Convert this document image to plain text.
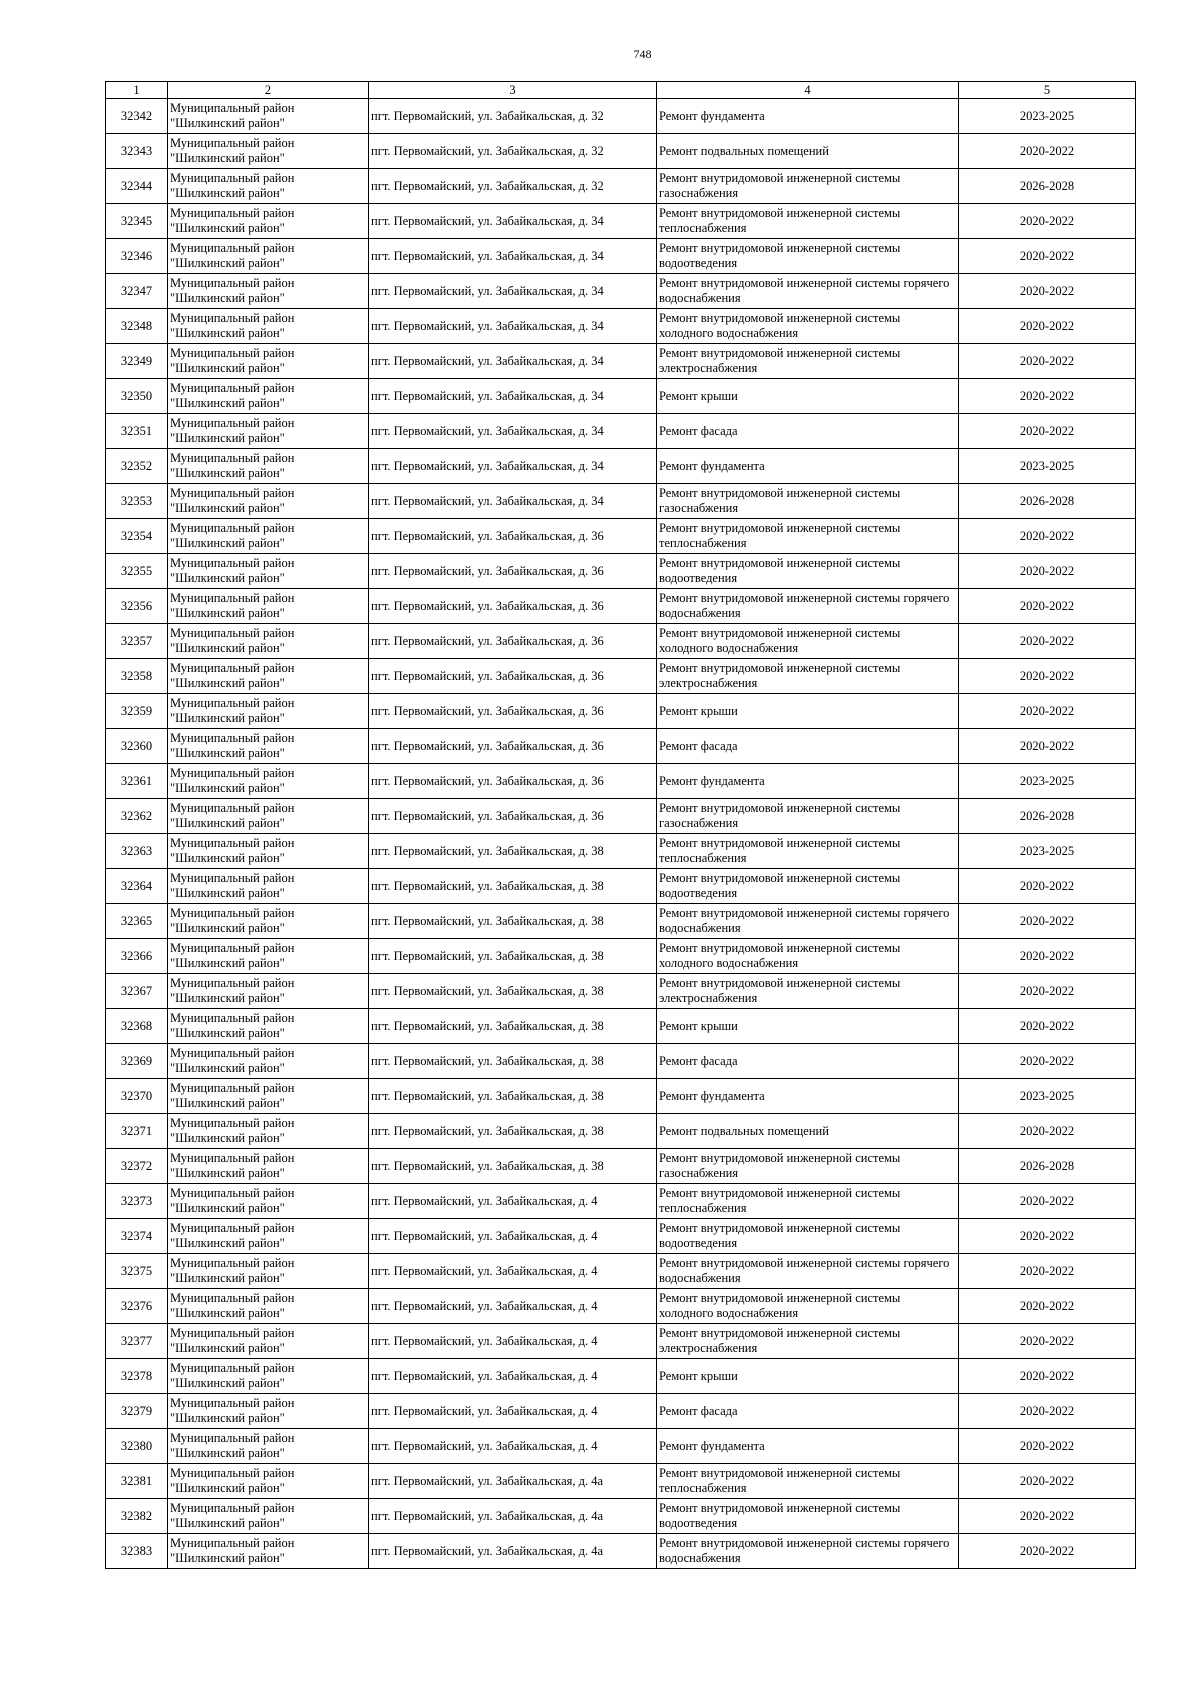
748
1	2	3	4	5
32342	Муниципальный район "Шилкинский район"	пгт. Первомайский, ул. Забайкальская, д. 32	Ремонт фундамента	2023-2025
32343	Муниципальный район "Шилкинский район"	пгт. Первомайский, ул. Забайкальская, д. 32	Ремонт подвальных помещений	2020-2022
32344	Муниципальный район "Шилкинский район"	пгт. Первомайский, ул. Забайкальская, д. 32	Ремонт внутридомовой инженерной системы газоснабжения	2026-2028
32345	Муниципальный район "Шилкинский район"	пгт. Первомайский, ул. Забайкальская, д. 34	Ремонт внутридомовой инженерной системы теплоснабжения	2020-2022
32346	Муниципальный район "Шилкинский район"	пгт. Первомайский, ул. Забайкальская, д. 34	Ремонт внутридомовой инженерной системы водоотведения	2020-2022
32347	Муниципальный район "Шилкинский район"	пгт. Первомайский, ул. Забайкальская, д. 34	Ремонт внутридомовой инженерной системы горячего водоснабжения	2020-2022
32348	Муниципальный район "Шилкинский район"	пгт. Первомайский, ул. Забайкальская, д. 34	Ремонт внутридомовой инженерной системы холодного водоснабжения	2020-2022
32349	Муниципальный район "Шилкинский район"	пгт. Первомайский, ул. Забайкальская, д. 34	Ремонт внутридомовой инженерной системы электроснабжения	2020-2022
32350	Муниципальный район "Шилкинский район"	пгт. Первомайский, ул. Забайкальская, д. 34	Ремонт крыши	2020-2022
32351	Муниципальный район "Шилкинский район"	пгт. Первомайский, ул. Забайкальская, д. 34	Ремонт фасада	2020-2022
32352	Муниципальный район "Шилкинский район"	пгт. Первомайский, ул. Забайкальская, д. 34	Ремонт фундамента	2023-2025
32353	Муниципальный район "Шилкинский район"	пгт. Первомайский, ул. Забайкальская, д. 34	Ремонт внутридомовой инженерной системы газоснабжения	2026-2028
32354	Муниципальный район "Шилкинский район"	пгт. Первомайский, ул. Забайкальская, д. 36	Ремонт внутридомовой инженерной системы теплоснабжения	2020-2022
32355	Муниципальный район "Шилкинский район"	пгт. Первомайский, ул. Забайкальская, д. 36	Ремонт внутридомовой инженерной системы водоотведения	2020-2022
32356	Муниципальный район "Шилкинский район"	пгт. Первомайский, ул. Забайкальская, д. 36	Ремонт внутридомовой инженерной системы горячего водоснабжения	2020-2022
32357	Муниципальный район "Шилкинский район"	пгт. Первомайский, ул. Забайкальская, д. 36	Ремонт внутридомовой инженерной системы холодного водоснабжения	2020-2022
32358	Муниципальный район "Шилкинский район"	пгт. Первомайский, ул. Забайкальская, д. 36	Ремонт внутридомовой инженерной системы электроснабжения	2020-2022
32359	Муниципальный район "Шилкинский район"	пгт. Первомайский, ул. Забайкальская, д. 36	Ремонт крыши	2020-2022
32360	Муниципальный район "Шилкинский район"	пгт. Первомайский, ул. Забайкальская, д. 36	Ремонт фасада	2020-2022
32361	Муниципальный район "Шилкинский район"	пгт. Первомайский, ул. Забайкальская, д. 36	Ремонт фундамента	2023-2025
32362	Муниципальный район "Шилкинский район"	пгт. Первомайский, ул. Забайкальская, д. 36	Ремонт внутридомовой инженерной системы газоснабжения	2026-2028
32363	Муниципальный район "Шилкинский район"	пгт. Первомайский, ул. Забайкальская, д. 38	Ремонт внутридомовой инженерной системы теплоснабжения	2023-2025
32364	Муниципальный район "Шилкинский район"	пгт. Первомайский, ул. Забайкальская, д. 38	Ремонт внутридомовой инженерной системы водоотведения	2020-2022
32365	Муниципальный район "Шилкинский район"	пгт. Первомайский, ул. Забайкальская, д. 38	Ремонт внутридомовой инженерной системы горячего водоснабжения	2020-2022
32366	Муниципальный район "Шилкинский район"	пгт. Первомайский, ул. Забайкальская, д. 38	Ремонт внутридомовой инженерной системы холодного водоснабжения	2020-2022
32367	Муниципальный район "Шилкинский район"	пгт. Первомайский, ул. Забайкальская, д. 38	Ремонт внутридомовой инженерной системы электроснабжения	2020-2022
32368	Муниципальный район "Шилкинский район"	пгт. Первомайский, ул. Забайкальская, д. 38	Ремонт крыши	2020-2022
32369	Муниципальный район "Шилкинский район"	пгт. Первомайский, ул. Забайкальская, д. 38	Ремонт фасада	2020-2022
32370	Муниципальный район "Шилкинский район"	пгт. Первомайский, ул. Забайкальская, д. 38	Ремонт фундамента	2023-2025
32371	Муниципальный район "Шилкинский район"	пгт. Первомайский, ул. Забайкальская, д. 38	Ремонт подвальных помещений	2020-2022
32372	Муниципальный район "Шилкинский район"	пгт. Первомайский, ул. Забайкальская, д. 38	Ремонт внутридомовой инженерной системы газоснабжения	2026-2028
32373	Муниципальный район "Шилкинский район"	пгт. Первомайский, ул. Забайкальская, д. 4	Ремонт внутридомовой инженерной системы теплоснабжения	2020-2022
32374	Муниципальный район "Шилкинский район"	пгт. Первомайский, ул. Забайкальская, д. 4	Ремонт внутридомовой инженерной системы водоотведения	2020-2022
32375	Муниципальный район "Шилкинский район"	пгт. Первомайский, ул. Забайкальская, д. 4	Ремонт внутридомовой инженерной системы горячего водоснабжения	2020-2022
32376	Муниципальный район "Шилкинский район"	пгт. Первомайский, ул. Забайкальская, д. 4	Ремонт внутридомовой инженерной системы холодного водоснабжения	2020-2022
32377	Муниципальный район "Шилкинский район"	пгт. Первомайский, ул. Забайкальская, д. 4	Ремонт внутридомовой инженерной системы электроснабжения	2020-2022
32378	Муниципальный район "Шилкинский район"	пгт. Первомайский, ул. Забайкальская, д. 4	Ремонт крыши	2020-2022
32379	Муниципальный район "Шилкинский район"	пгт. Первомайский, ул. Забайкальская, д. 4	Ремонт фасада	2020-2022
32380	Муниципальный район "Шилкинский район"	пгт. Первомайский, ул. Забайкальская, д. 4	Ремонт фундамента	2020-2022
32381	Муниципальный район "Шилкинский район"	пгт. Первомайский, ул. Забайкальская, д. 4а	Ремонт внутридомовой инженерной системы теплоснабжения	2020-2022
32382	Муниципальный район "Шилкинский район"	пгт. Первомайский, ул. Забайкальская, д. 4а	Ремонт внутридомовой инженерной системы водоотведения	2020-2022
32383	Муниципальный район "Шилкинский район"	пгт. Первомайский, ул. Забайкальская, д. 4а	Ремонт внутридомовой инженерной системы горячего водоснабжения	2020-2022
